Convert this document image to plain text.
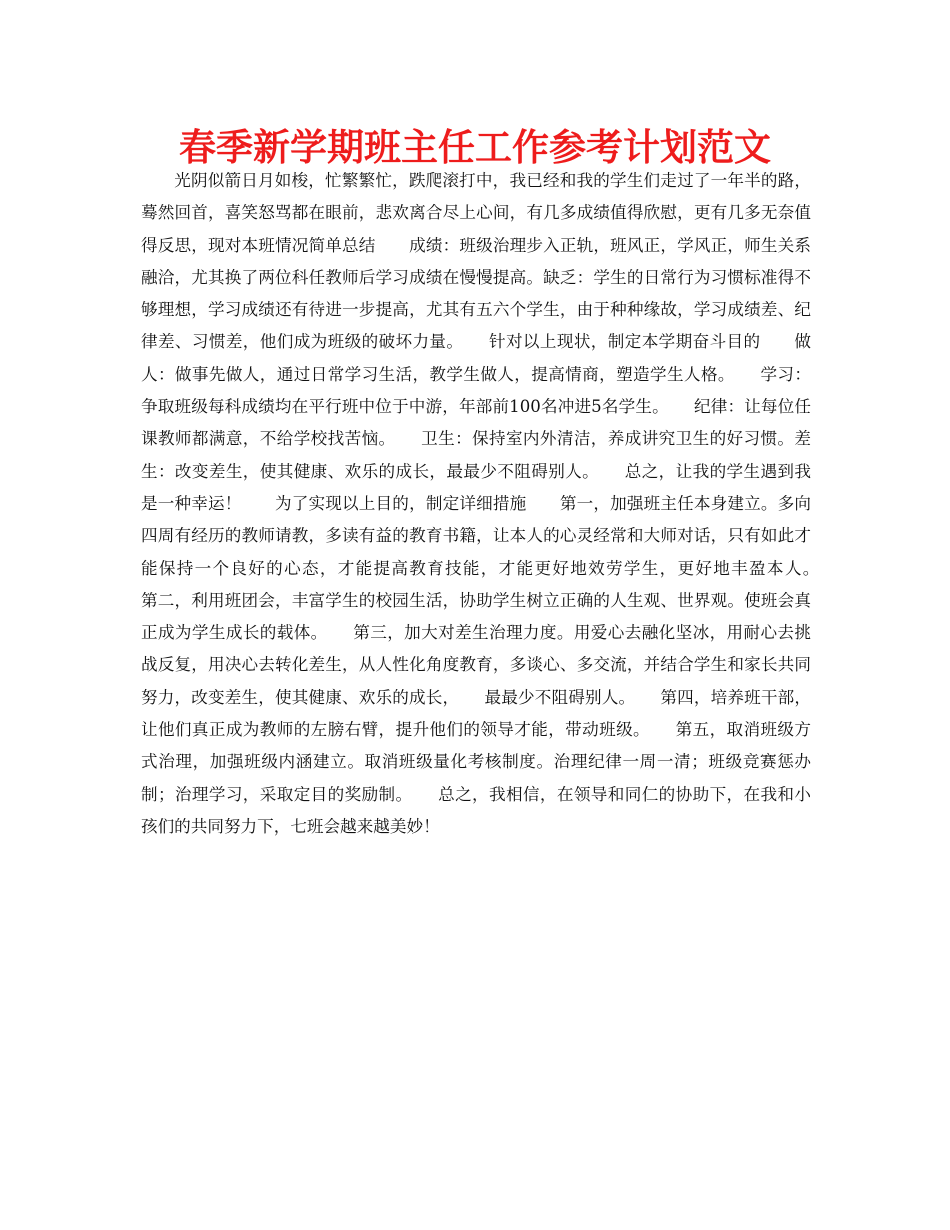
春季新学期班主任工作参考计划范文

光阴似箭日月如梭，忙繁繁忙，跌爬滚打中，我已经和我的学生们走过了一年半的路，蓦然回首，喜笑怒骂都在眼前，悲欢离合尽上心间，有几多成绩值得欣慰，更有几多无奈值得反思，现对本班情况简单总结　　成绩：班级治理步入正轨，班风正，学风正，师生关系融洽，尤其换了两位科任教师后学习成绩在慢慢提高。缺乏：学生的日常行为习惯标准得不够理想，学习成绩还有待进一步提高，尤其有五六个学生，由于种种缘故，学习成绩差、纪律差、习惯差，他们成为班级的破坏力量。　　针对以上现状，制定本学期奋斗目的　　做人：做事先做人，通过日常学习生活，教学生做人，提高情商，塑造学生人格。　　学习：争取班级每科成绩均在平行班中位于中游，年部前100名冲进5名学生。　　纪律：让每位任课教师都满意，不给学校找苦恼。　　卫生：保持室内外清洁，养成讲究卫生的好习惯。差生：改变差生，使其健康、欢乐的成长，最最少不阻碍别人。　　总之，让我的学生遇到我是一种幸运！　　为了实现以上目的，制定详细措施　　第一，加强班主任本身建立。多向四周有经历的教师请教，多读有益的教育书籍，让本人的心灵经常和大师对话，只有如此才能保持一个良好的心态，才能提高教育技能，才能更好地效劳学生，更好地丰盈本人。　　第二，利用班团会，丰富学生的校园生活，协助学生树立正确的人生观、世界观。使班会真正成为学生成长的载体。　　第三，加大对差生治理力度。用爱心去融化坚冰，用耐心去挑战反复，用决心去转化差生，从人性化角度教育，多谈心、多交流，并结合学生和家长共同努力，改变差生，使其健康、欢乐的成长，　　最最少不阻碍别人。　　第四，培养班干部，让他们真正成为教师的左膀右臂，提升他们的领导才能，带动班级。　　第五，取消班级方式治理，加强班级内涵建立。取消班级量化考核制度。治理纪律一周一清；班级竞赛惩办制；治理学习，采取定目的奖励制。　　总之，我相信，在领导和同仁的协助下，在我和小孩们的共同努力下，七班会越来越美妙！
